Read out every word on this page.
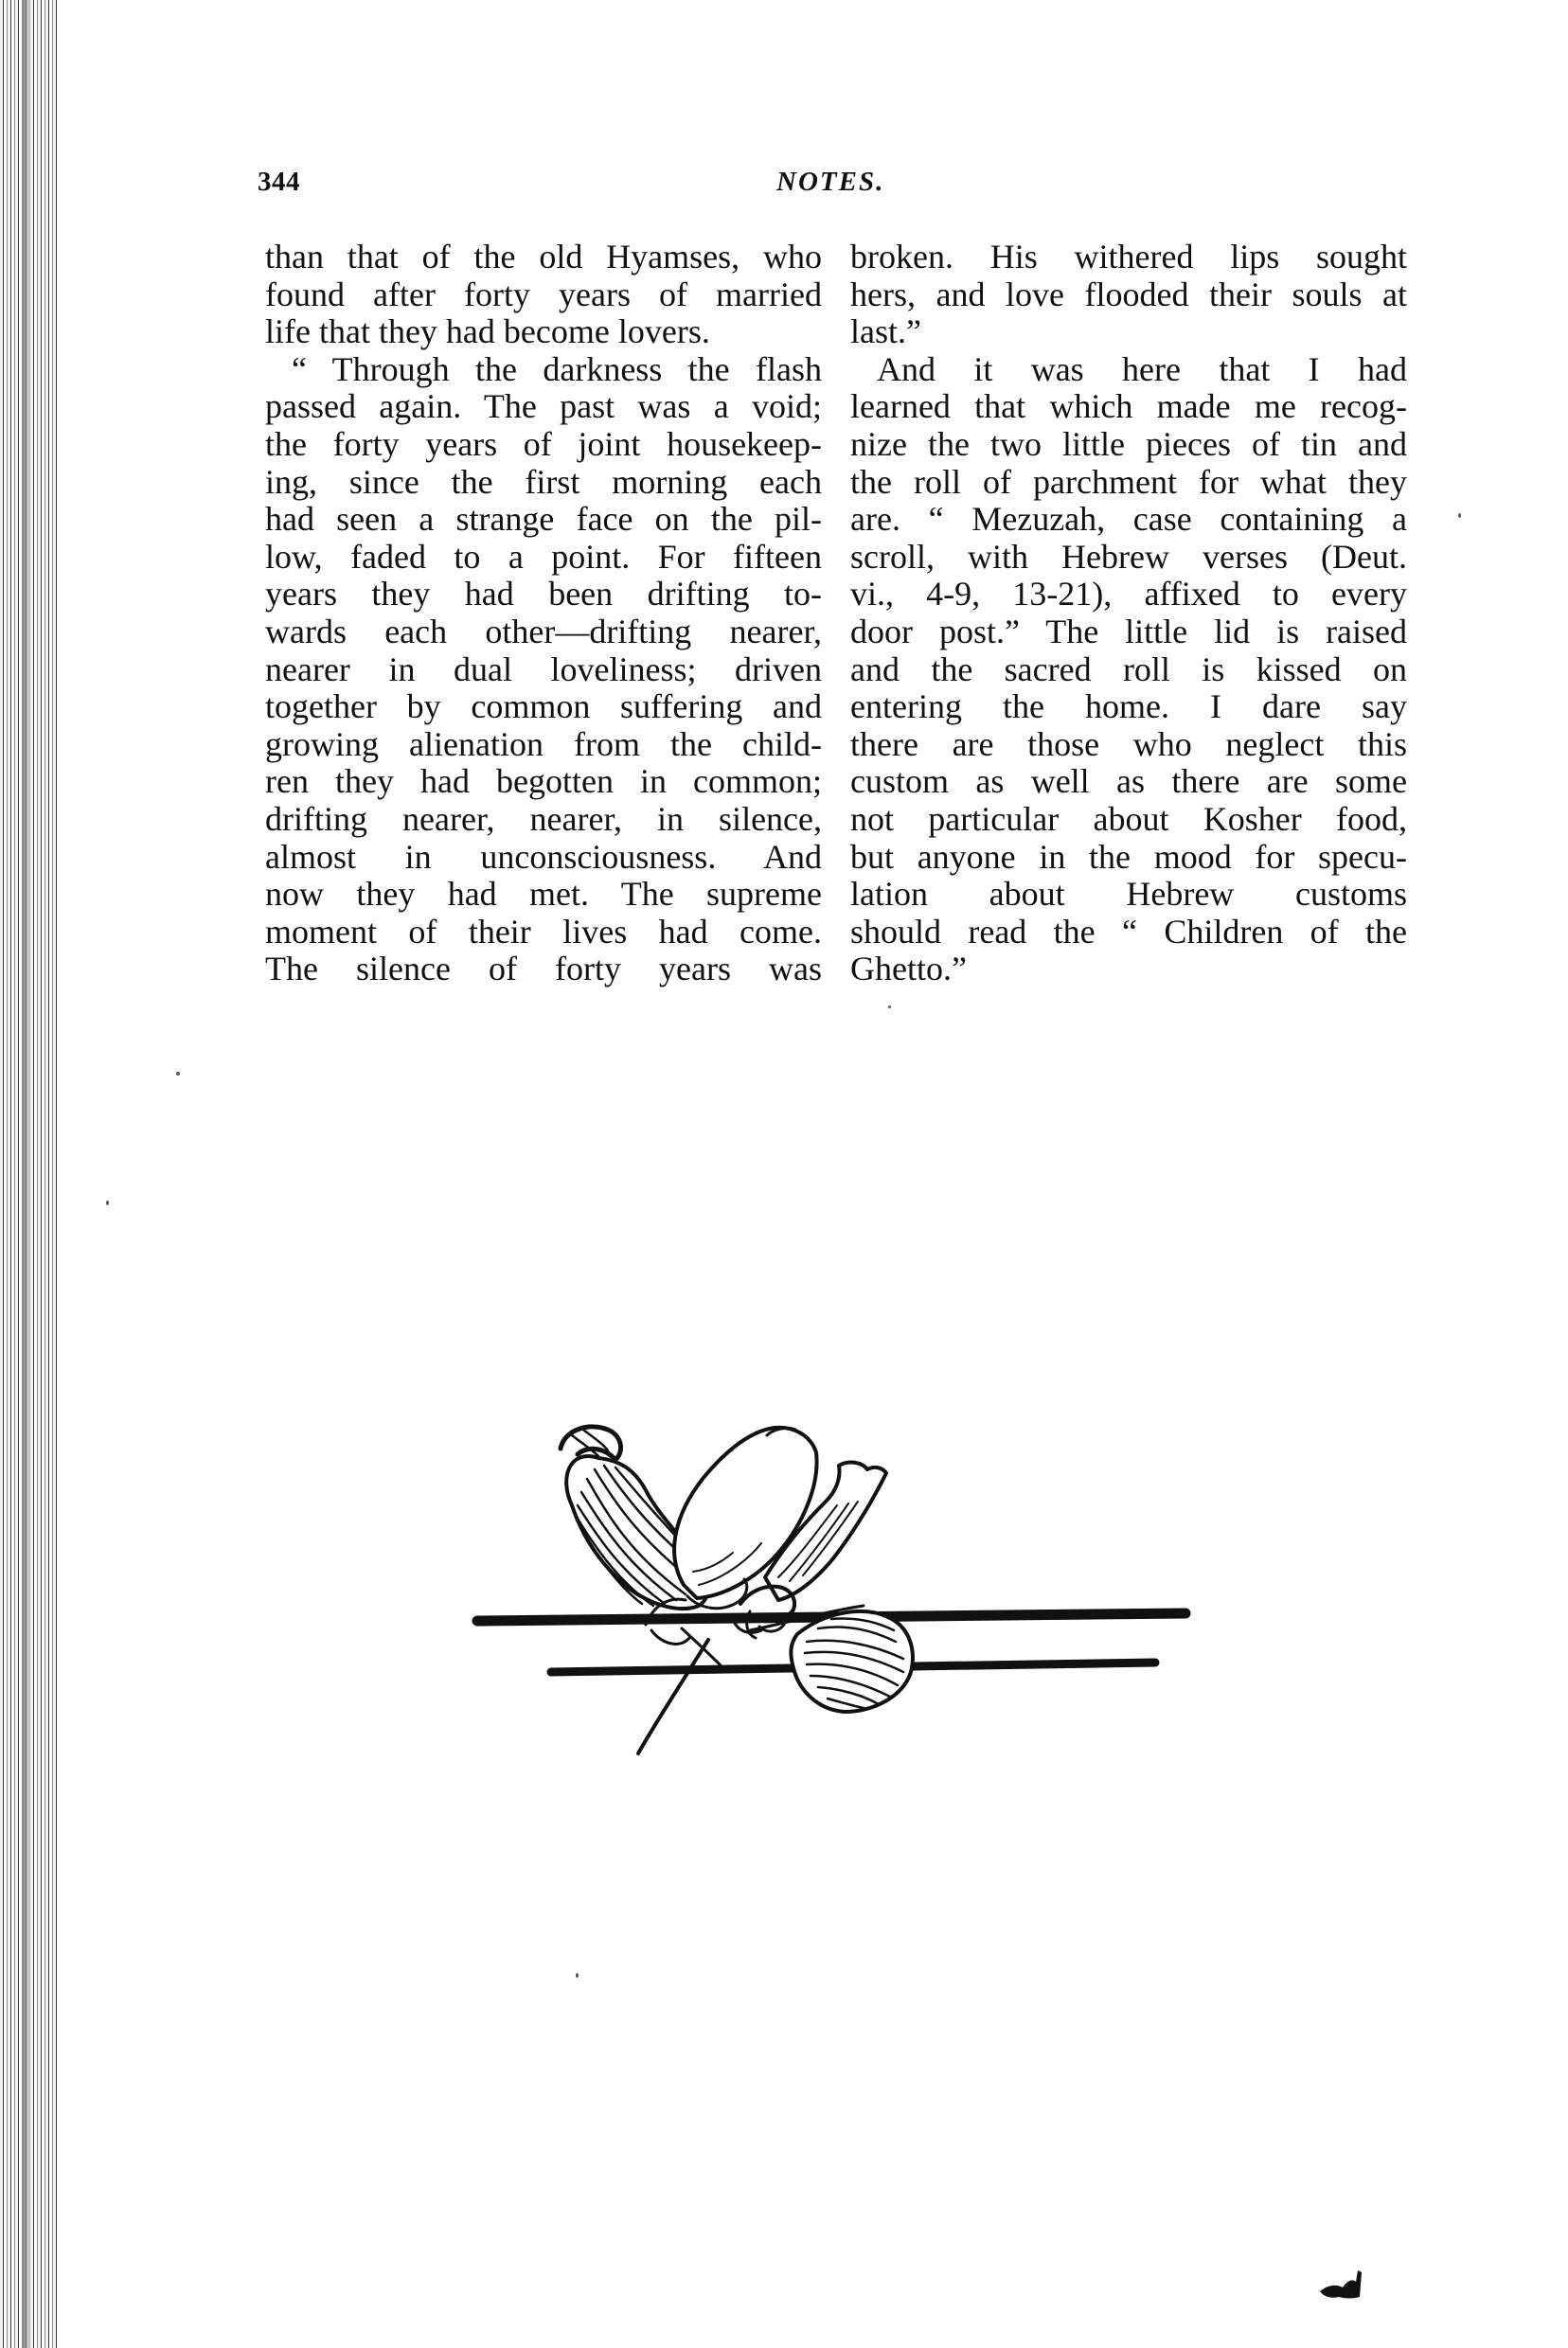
344	NOTES.
than that of the old Hyamses, who
found after forty years of married
life that they had become lovers.
“ Through the darkness the flash
passed again. The past was a void;
the forty years of joint housekeep-
ing, since the first morning each
had seen a strange face on the pil-
low, faded to a point. For fifteen
years they had been drifting to-
wards each other—drifting nearer,
nearer in dual loveliness; driven
together by common suffering and
growing alienation from the child-
ren they had begotten in common;
drifting nearer, nearer, in silence,
almost in unconsciousness. And
now they had met. The supreme
moment of their lives had come.
The silence of forty years was
broken. His withered lips sought
hers, and love flooded their souls at
last.”
And it was here that I had
learned that which made me recog-
nize the two little pieces of tin and
the roll of parchment for what they
are. “ Mezuzah, case containing a
scroll, with Hebrew verses (Deut.
vi., 4-9, 13-21), affixed to every
door post.” The little lid is raised
and the sacred roll is kissed on
entering the home. I dare say
there are those who neglect this
custom as well as there are some
not particular about Kosher food,
but anyone in the mood for specu-
lation about Hebrew customs
should read the “ Children of the
Ghetto.”
